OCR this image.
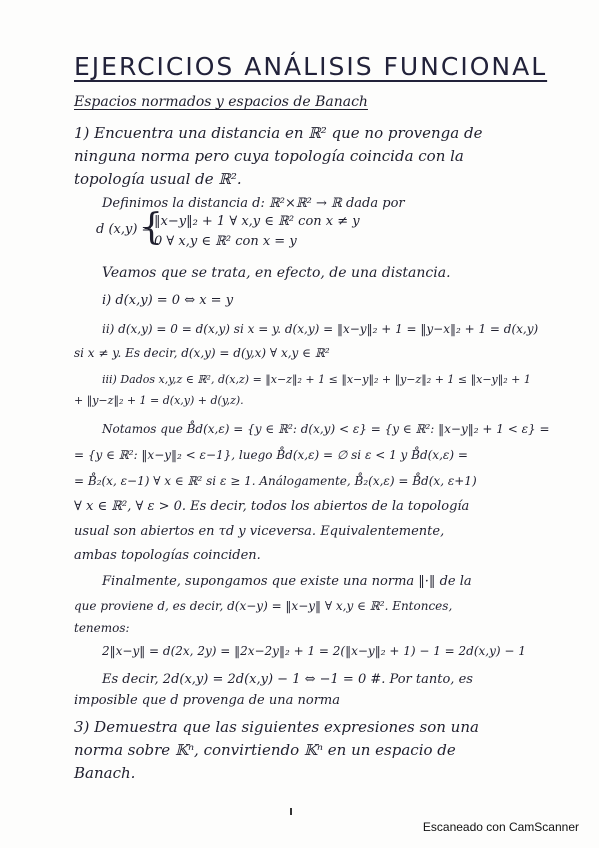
EJERCICIOS ANÁLISIS FUNCIONAL
Espacios normados y espacios de Banach
1) Encuentra una distancia en ℝ² que no provenga de
ninguna norma pero cuya topología coincida con la
topología usual de ℝ².
Definimos la distancia d: ℝ²×ℝ² → ℝ dada por
d (x,y) =
{
‖x−y‖₂ + 1 ∀ x,y ∈ ℝ² con x ≠ y
0 ∀ x,y ∈ ℝ² con x = y
Veamos que se trata, en efecto, de una distancia.
i) d(x,y) = 0 ⇔ x = y
ii) d(x,y) = 0 = d(x,y) si x = y. d(x,y) = ‖x−y‖₂ + 1 = ‖y−x‖₂ + 1 = d(x,y)
si x ≠ y. Es decir, d(x,y) = d(y,x) ∀ x,y ∈ ℝ²
iii) Dados x,y,z ∈ ℝ², d(x,z) = ‖x−z‖₂ + 1 ≤ ‖x−y‖₂ + ‖y−z‖₂ + 1 ≤ ‖x−y‖₂ + 1
+ ‖y−z‖₂ + 1 = d(x,y) + d(y,z).
Notamos que B̊d(x,ε) = {y ∈ ℝ²: d(x,y) < ε} = {y ∈ ℝ²: ‖x−y‖₂ + 1 < ε} =
= {y ∈ ℝ²: ‖x−y‖₂ < ε−1}, luego B̊d(x,ε) = ∅ si ε < 1 y B̊d(x,ε) =
= B̊₂(x, ε−1) ∀ x ∈ ℝ² si ε ≥ 1. Análogamente, B̊₂(x,ε) = B̊d(x, ε+1)
∀ x ∈ ℝ², ∀ ε > 0. Es decir, todos los abiertos de la topología
usual son abiertos en τd y viceversa. Equivalentemente,
ambas topologías coinciden.
Finalmente, supongamos que existe una norma ‖·‖ de la
que proviene d, es decir, d(x−y) = ‖x−y‖ ∀ x,y ∈ ℝ². Entonces,
tenemos:
2‖x−y‖ = d(2x, 2y) = ‖2x−2y‖₂ + 1 = 2(‖x−y‖₂ + 1) − 1 = 2d(x,y) − 1
Es decir, 2d(x,y) = 2d(x,y) − 1 ⇔ −1 = 0 #. Por tanto, es
imposible que d provenga de una norma
3) Demuestra que las siguientes expresiones son una
norma sobre 𝕂ⁿ, convirtiendo 𝕂ⁿ en un espacio de
Banach.
Escaneado con CamScanner
